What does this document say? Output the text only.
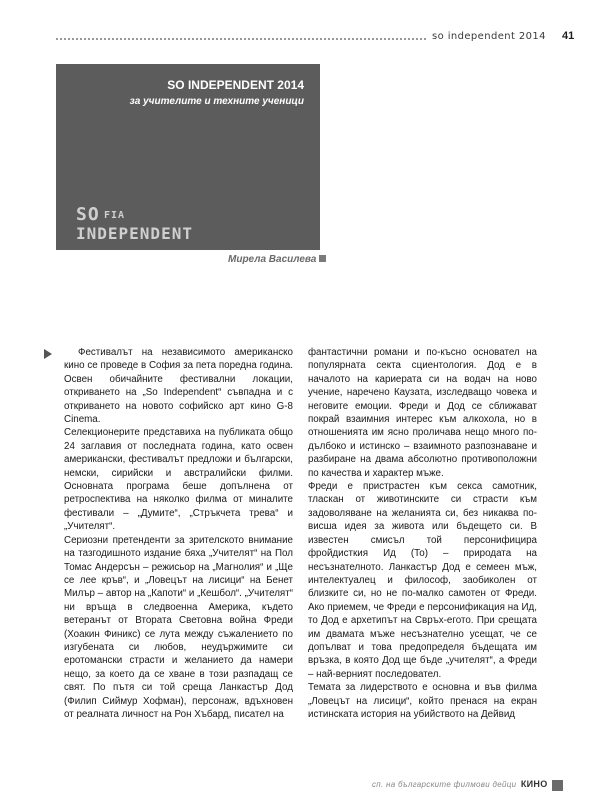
so independent 2014 41
SO INDEPENDENT 2014
за учителите и техните ученици
SO FIA
INDEPENDENT
Мирела Василева

Фестивалът на независимото американско кино се проведе в София за пета поредна година. Освен обичайните фестивални локации, откриването на „So Independent“ съвпадна и с откриването на новото софийско арт кино G-8 Cinema.

Селекционерите представиха на публиката общо 24 заглавия от последната година, като освен американски, фестивалът предложи и български, немски, сирийски и австралийски филми. Основната програма беше допълнена от ретроспектива на няколко филма от миналите фестивали – „Думите“, „Стръкчета трева“ и „Учителят“.

Сериозни претенденти за зрителското внимание на тазгодишното издание бяха „Учителят“ на Пол Томас Андерсън – режисьор на „Магнолия“ и „Ще се лее кръв“, и „Ловецът на лисици“ на Бенет Милър – автор на „Капоти“ и „Кешбол“. „Учителят“ ни връща в следвоенна Америка, където ветеранът от Втората Световна война Фреди (Хоакин Финикс) се лута между съжалението по изгубената си любов, неудържимите си еротомански страсти и желанието да намери нещо, за което да се хване в този разпадащ се свят. По пътя си той среща Ланкастър Дод (Филип Сиймур Хофман), персонаж, вдъхновен от реалната личност на Рон Хъбард, писател на

фантастични романи и по-късно основател на популярната секта сциентология. Дод е в началото на кариерата си на водач на ново учение, наречено Каузата, изследващо човека и неговите емоции. Фреди и Дод се сближават покрай взаимния интерес към алкохола, но в отношенията им ясно проличава нещо много по-дълбоко и истинско – взаимното разпознаване и разбиране на двама абсолютно противоположни по качества и характер мъже.

Фреди е пристрастен към секса самотник, тласкан от животинските си страсти към задоволяване на желанията си, без никаква по-висша идея за живота или бъдещето си. В известен смисъл той персонифицира фройдисткия Ид (То) – природата на несъзнателното. Ланкастър Дод е семеен мъж, интелектуалец и философ, заобиколен от близките си, но не по-малко самотен от Фреди. Ако приемем, че Фреди е персонификация на Ид, то Дод е архетипът на Свръх-егото. При срещата им двамата мъже несъзнателно усещат, че се допълват и това предопределя бъдещата им връзка, в която Дод ще бъде „учителят“, а Фреди – най-верният последовател.

Темата за лидерството е основна и във филма „Ловецът на лисици“, който пренася на екран истинската история на убийството на Дейвид

сп. на българските филмови дейци КИНО
